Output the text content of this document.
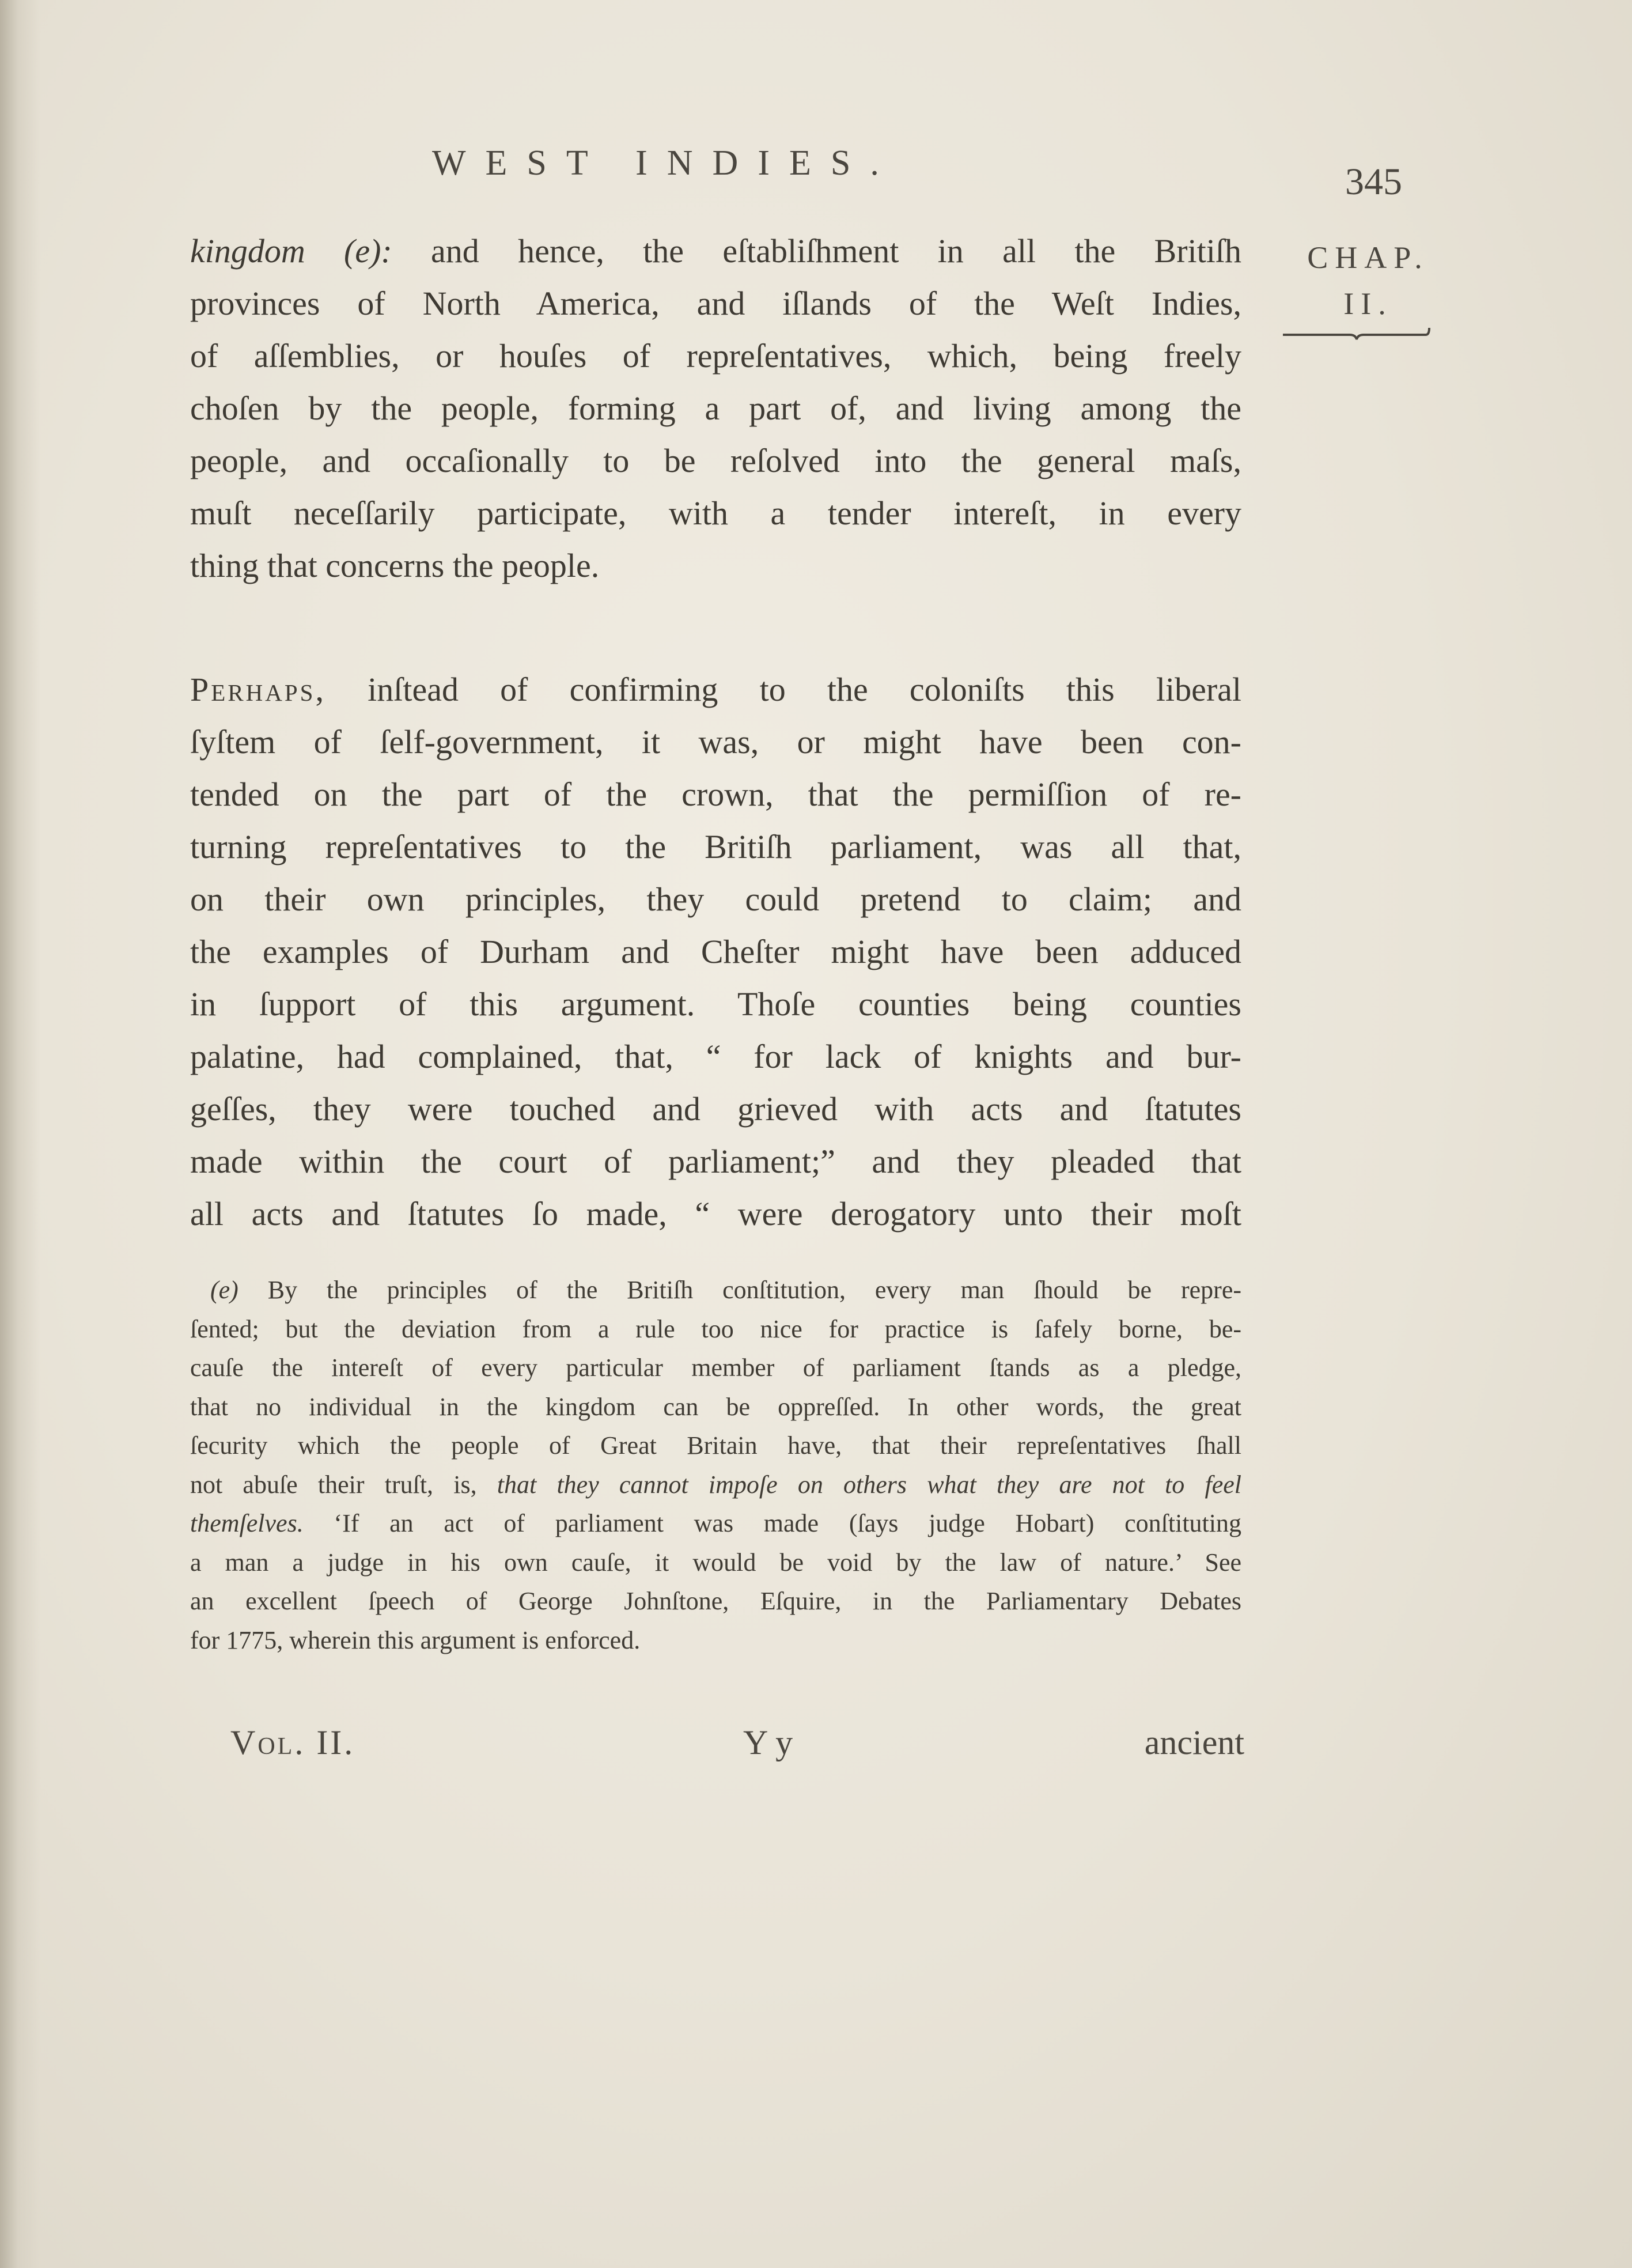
WEST INDIES.	345
CHAP.
II.
kingdom (e): and hence, the eſtabliſhment in all the Britiſh
provinces of North America, and iſlands of the Weſt Indies,
of aſſemblies, or houſes of repreſentatives, which, being freely
choſen by the people, forming a part of, and living among the
people, and occaſionally to be reſolved into the general maſs,
muſt neceſſarily participate, with a tender intereſt, in every
thing that concerns the people.
Perhaps, inſtead of confirming to the coloniſts this liberal
ſyſtem of ſelf-government, it was, or might have been con-
tended on the part of the crown, that the permiſſion of re-
turning repreſentatives to the Britiſh parliament, was all that,
on their own principles, they could pretend to claim; and
the examples of Durham and Cheſter might have been adduced
in ſupport of this argument. Thoſe counties being counties
palatine, had complained, that, “ for lack of knights and bur-
geſſes, they were touched and grieved with acts and ſtatutes
made within the court of parliament;” and they pleaded that
all acts and ſtatutes ſo made, “ were derogatory unto their moſt
(e) By the principles of the Britiſh conſtitution, every man ſhould be repre-
ſented; but the deviation from a rule too nice for practice is ſafely borne, be-
cauſe the intereſt of every particular member of parliament ſtands as a pledge,
that no individual in the kingdom can be oppreſſed. In other words, the great
ſecurity which the people of Great Britain have, that their repreſentatives ſhall
not abuſe their truſt, is, that they cannot impoſe on others what they are not to feel
themſelves. ‘If an act of parliament was made (ſays judge Hobart) conſtituting
a man a judge in his own cauſe, it would be void by the law of nature.’ See
an excellent ſpeech of George Johnſtone, Eſquire, in the Parliamentary Debates
for 1775, wherein this argument is enforced.
Vol. II.	Y y	ancient
